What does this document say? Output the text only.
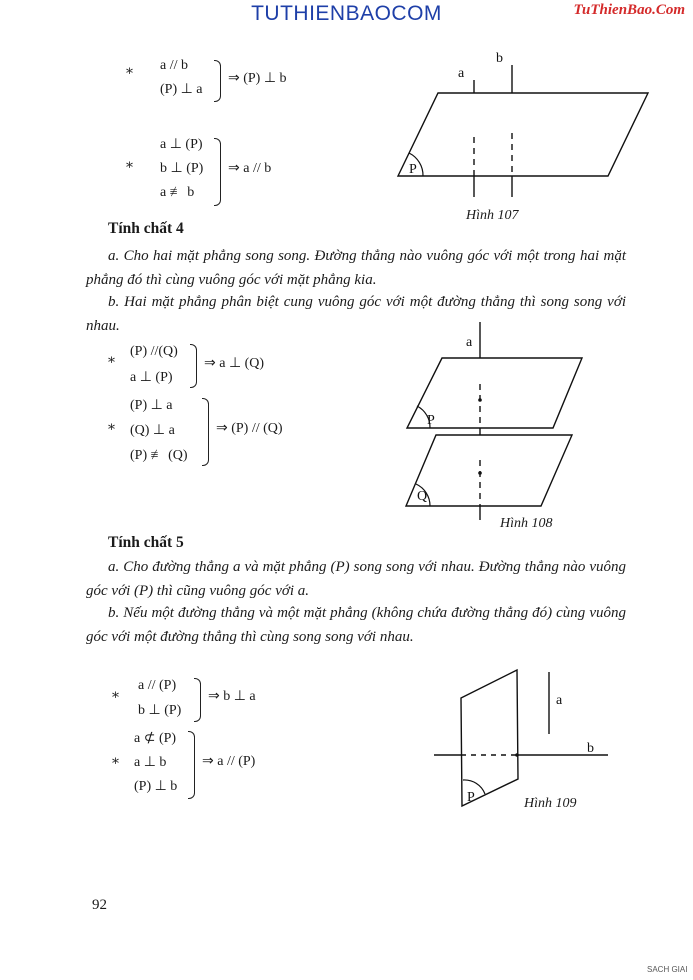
TUTHIENBAOCOM	TuThienBao.Com
*
a // b
(P) ⊥ a
⇒ (P) ⊥ b
*
a ⊥ (P)
b ⊥ (P)
a ≢ b
⇒ a // b	P
a
b
Hình 107
Tính chất 4
a. Cho hai mặt phẳng song song. Đường thẳng nào vuông góc với một trong hai mặt phẳng đó thì cùng vuông góc với mặt phẳng kia.
b. Hai mặt phẳng phân biệt cung vuông góc với một đường thẳng thì song song với nhau.
*
(P) //(Q)
a ⊥ (P)
⇒ a ⊥ (Q)
*
(P) ⊥ a
(Q) ⊥ a
(P) ≢ (Q)
⇒ (P) // (Q)
P
Q
a
Hình 108
Tính chất 5
a. Cho đường thẳng a và mặt phẳng (P) song song với nhau. Đường thẳng nào vuông góc với (P) thì cũng vuông góc với a.
b. Nếu một đường thẳng và một mặt phẳng (không chứa đường thẳng đó) cùng vuông góc với một đường thẳng thì cùng song song với nhau.
*
a // (P)
b ⊥ (P)
⇒ b ⊥ a
*
a ⊄ (P)
a ⊥ b
(P) ⊥ b
⇒ a // (P)
P
a
b
Hình 109
92
SACH GIAI
